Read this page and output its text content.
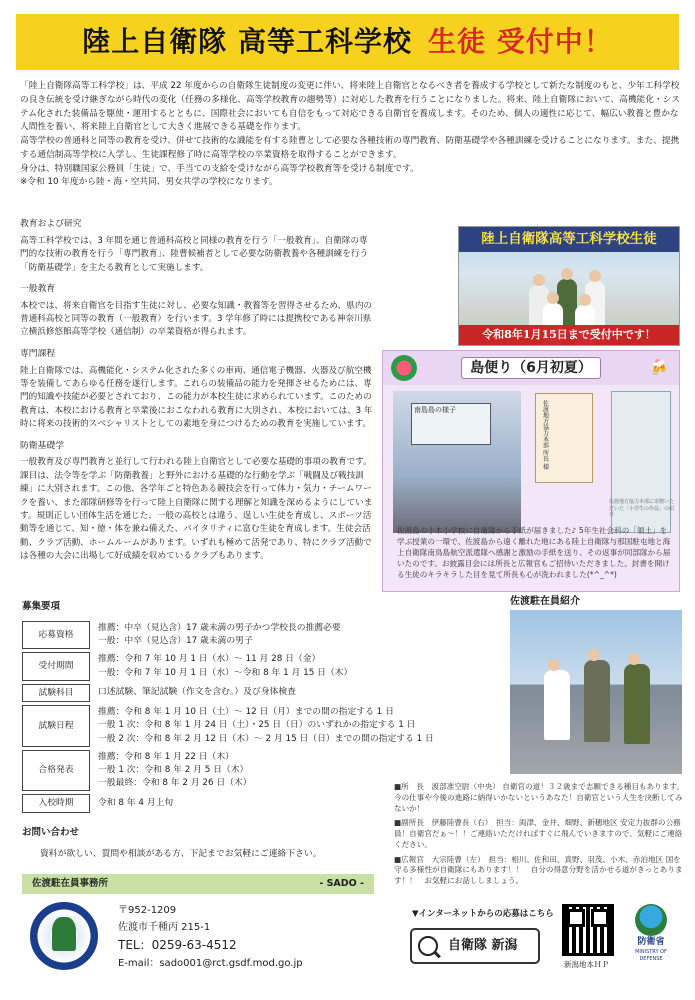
陸上自衛隊 高等工科学校 生徒 受付中！

「陸上自衛隊高等工科学校」は、平成 22 年度からの自衛隊生徒制度の変更に伴い、将来陸上自衛官となるべき者を養成する学校として新たな制度のもと、少年工科学校の良き伝統を受け継ぎながら時代の変化（任務の多様化、高等学校教育の趨勢等）に対応した教育を行うことになりました。将来、陸上自衛隊において、高機能化・システム化された装備品を駆使・運用するとともに、国際社会においても自信をもって対応できる自衛官を養成します。そのため、個人の適性に応じて、幅広い教養と豊かな人間性を養い、将来陸上自衛官として大きく進展できる基礎を作ります。

高等学校の普通科と同等の教育を受け、併せて技術的な識能を有する陸曹として必要な各種技術の専門教育、防衛基礎学や各種訓練を受けることになります。また、提携する通信制高等学校に入学し、生徒課程修了時に高等学校の卒業資格を取得することができます。

身分は、特別職国家公務員「生徒」で、手当ての支給を受けながら高等学校教育等を受ける制度です。

※令和 10 年度から陸・海・空共同、男女共学の学校になります。

教育および研究

高等工科学校では、3 年間を通じ普通科高校と同様の教育を行う「一般教育」、自衛隊の専門的な技術の教育を行う「専門教育」、陸曹候補者として必要な防衛教養や各種訓練を行う「防衛基礎学」を主たる教育として実施します。

一般教育

本校では、将来自衛官を目指す生徒に対し、必要な知識・教養等を習得させるため、県内の普通科高校と同等の教育（一般教育）を行います。3 学年修了時には提携校である神奈川県立横浜修悠館高等学校（通信制）の卒業資格が得られます。

専門課程

陸上自衛隊では、高機能化・システム化された多くの車両、通信電子機器、火器及び航空機等を装備してあらゆる任務を遂行します。これらの装備品の能力を発揮させるためには、専門的知識や技能が必要とされており、この能力が本校生徒に求められています。このための教育は、本校における教育と卒業後におこなわれる教育に大別され、本校においては、3 年時に将来の技術的スペシャリストとしての素地を身につけるための教育を実施しています。

防衛基礎学

一般教育及び専門教育と並行して行われる陸上自衛官として必要な基礎的事項の教育です。課目は、法令等を学ぶ「防衛教養」と野外における基礎的な行動を学ぶ「戦闘及び戦技訓練」に大別されます。この他、各学年ごと特色ある競技会を行って体力・気力・チームワークを養い、また部隊研修等を行って陸上自衛隊に関する理解と知識を深めるようにしています。規則正しい団体生活を通じた、一般の高校とは違う、逞しい生徒を育成し、スポーツ活動等を通じて、知・徳・体を兼ね備えた、バイタリティに富む生徒を育成します。生徒会活動、クラブ活動、ホームルームがあります。いずれも極めて活発であり、特にクラブ活動では各種の大会に出場して好成績を収めているクラブもあります。

陸上自衛隊高等工科学校生徒
令和8年1月15日まで受付中です！
島便り（6月初夏）	🍻
南島島の様子	佐渡地方協力本部 所長 様
佐渡地方協力本部に寄贈いただいた「小学生の作品」の紹介
佐渡島の小木小学校に自衛隊から手紙が届きました♪ 5年生社会科の「領土」を学ぶ授業の一環で、佐渡島から遠く離れた地にある陸上自衛隊与那国駐屯地と海上自衛隊南鳥島航空派遣隊へ感謝と激励の手紙を送り、その返事が同部隊から届いたのです。お披露目会には所長と広報官もご招待いただきました。封書を開ける生徒のキラキラした目を見て所長も心が洗われました(*^_^*)
募集要項
応募資格	推薦：中卒（見込含）17 歳未満の男子かつ学校長の推薦必要
一般：中卒（見込含）17 歳未満の男子

受付期間	推薦：令和 7 年 10 月 1 日（水）～ 11 月 28 日（金）
一般：令和 7 年 10 月 1 日（水）～令和 8 年 1 月 15 日（木）

試験科目	口述試験、筆記試験（作文を含む。）及び身体検査

試験日程	推薦：令和 8 年 1 月 10 日（土）～ 12 日（月）までの間の指定する 1 日
一般 1 次：令和 8 年 1 月 24 日（土）・25 日（日）のいずれかの指定する 1 日
一般 2 次：令和 8 年 2 月 12 日（木）～ 2 月 15 日（日）までの間の指定する 1 日

合格発表	推薦：令和 8 年 1 月 22 日（木）
一般 1 次：令和 8 年 2 月 5 日（木）
一般最終：令和 8 年 2 月 26 日（木）

入校時期	令和 8 年 4 月上旬
佐渡駐在員紹介

■所　長　渡部准空尉（中央） 自衛官の道！３２歳まで志願できる種目もあります。今の仕事や今後の進路に納得いかないというあなた！自衛官という人生を決断してみないか！

■副所長　伊藤陸曹長（右）　担当：両津、金井、畑野、新穂地区 安定力抜群の公務員！自衛官だぁ～！！ご連絡いただければすぐに飛んでいきますので、気軽にご連絡ください。

■広報官　大宗陸曹（左）　担当：相川、佐和田、真野、羽茂、小木、赤泊地区 国を守る多様性が自衛隊にもあります！！　自分の得意分野を活かせる道がきっとあります！！　お気軽にお話ししましょう。

お問い合わせ
資料が欲しい、質問や相談がある方、下記までお気軽にご連絡下さい。
佐渡駐在員事務所	- SADO -
〒952-1209
佐渡市千種丙 215-1
TEL：0259-63-4512
E-mail：sado001@rct.gsdf.mod.go.jp
▼インターネットからの応募はこちら
自衛隊 新潟
新潟地本ＨＰ
防衛省
MINISTRY OF DEFENSE
